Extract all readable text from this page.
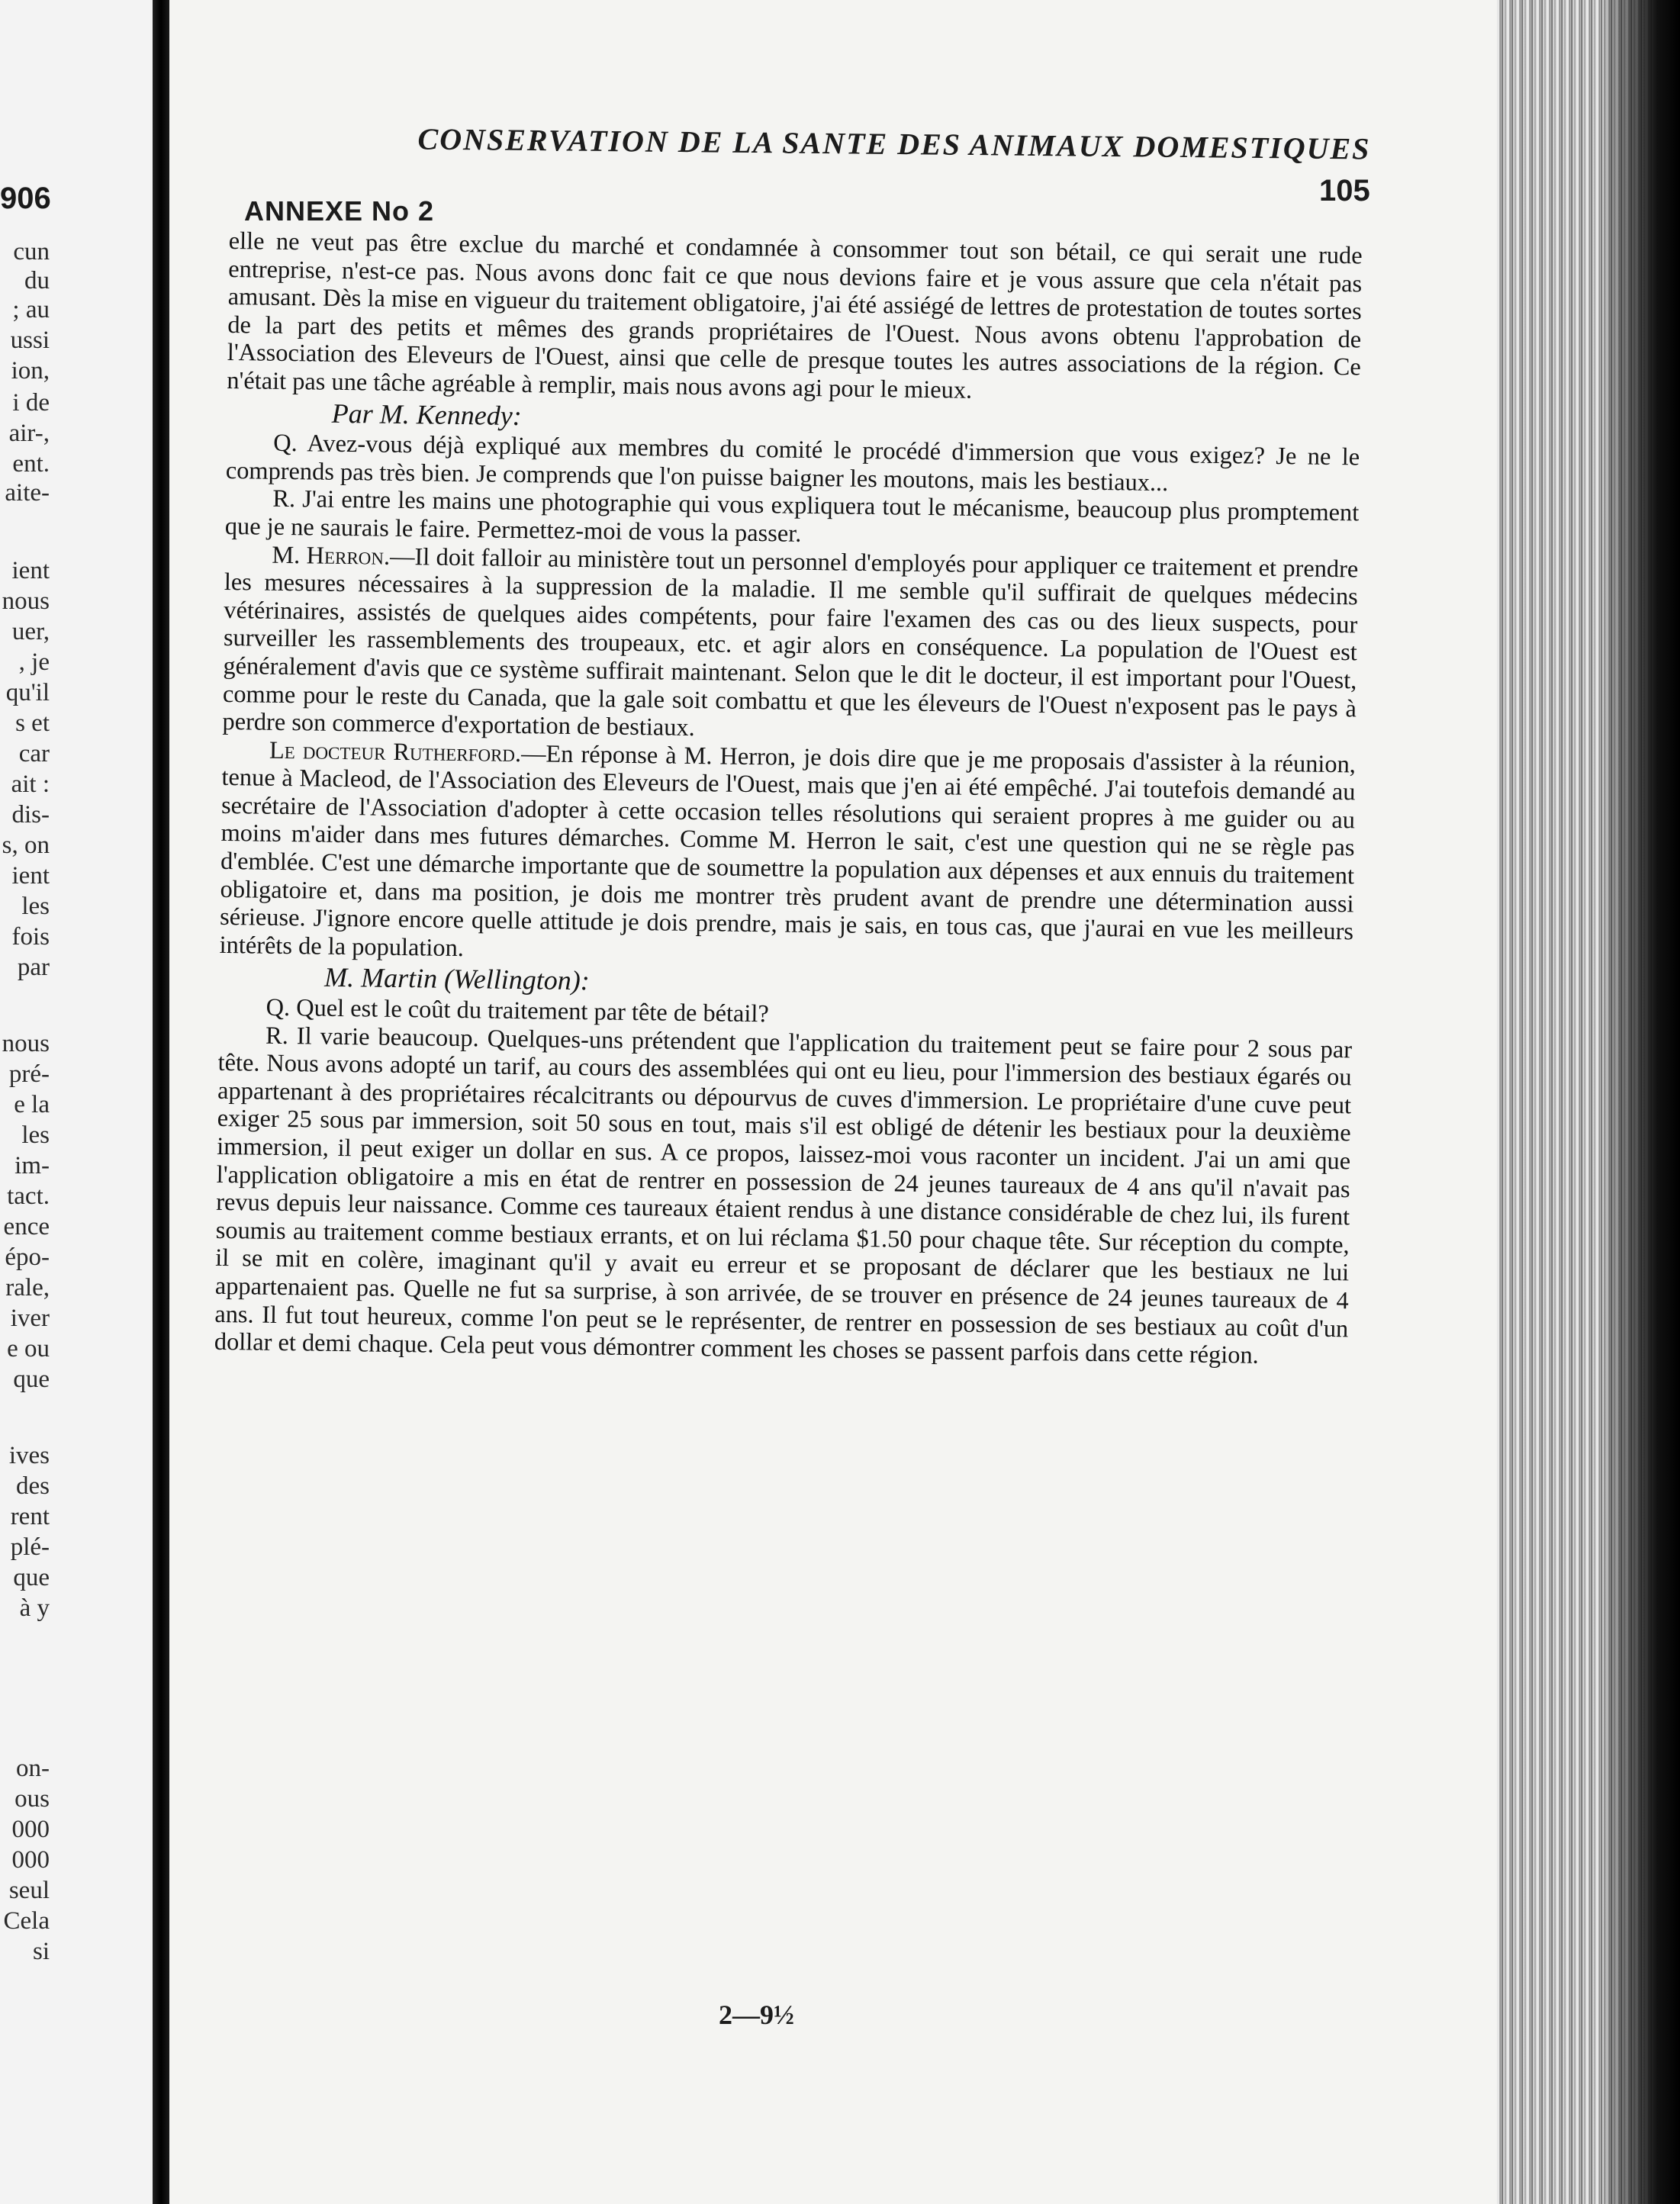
906
cun
du
; au
ussi
ion,
i de
air-,
ent.
aite-
ient
nous
uer,
, je
qu'il
s et
car
ait :
dis-
s, on
ient
les
fois
par
nous
pré-
e la
les
im-
tact.
ence
épo-
rale,
iver
e ou
que
ives
des
rent
plé-
que
à y
on-
ous
000
000
seul
Cela
si
CONSERVATION DE LA SANTE DES ANIMAUX DOMESTIQUES
105
ANNEXE No 2

elle ne veut pas être exclue du marché et condamnée à consommer tout son bétail, ce qui serait une rude entreprise, n'est-ce pas. Nous avons donc fait ce que nous devions faire et je vous assure que cela n'était pas amusant. Dès la mise en vigueur du traitement obligatoire, j'ai été assiégé de lettres de protestation de toutes sortes de la part des petits et mêmes des grands propriétaires de l'Ouest. Nous avons obtenu l'approbation de l'Association des Eleveurs de l'Ouest, ainsi que celle de presque toutes les autres associations de la région. Ce n'était pas une tâche agréable à remplir, mais nous avons agi pour le mieux.

Par M. Kennedy:

Q. Avez-vous déjà expliqué aux membres du comité le procédé d'immersion que vous exigez? Je ne le comprends pas très bien. Je comprends que l'on puisse baigner les moutons, mais les bestiaux...

R. J'ai entre les mains une photographie qui vous expliquera tout le mécanisme, beaucoup plus promptement que je ne saurais le faire. Permettez-moi de vous la passer.

M. Herron.—Il doit falloir au ministère tout un personnel d'employés pour appliquer ce traitement et prendre les mesures nécessaires à la suppression de la maladie. Il me semble qu'il suffirait de quelques médecins vétérinaires, assistés de quelques aides compétents, pour faire l'examen des cas ou des lieux suspects, pour surveiller les rassemblements des troupeaux, etc. et agir alors en conséquence. La population de l'Ouest est généralement d'avis que ce système suffirait maintenant. Selon que le dit le docteur, il est important pour l'Ouest, comme pour le reste du Canada, que la gale soit combattu et que les éleveurs de l'Ouest n'exposent pas le pays à perdre son commerce d'exportation de bestiaux.

Le docteur Rutherford.—En réponse à M. Herron, je dois dire que je me proposais d'assister à la réunion, tenue à Macleod, de l'Association des Eleveurs de l'Ouest, mais que j'en ai été empêché. J'ai toutefois demandé au secrétaire de l'Association d'adopter à cette occasion telles résolutions qui seraient propres à me guider ou au moins m'aider dans mes futures démarches. Comme M. Herron le sait, c'est une question qui ne se règle pas d'emblée. C'est une démarche importante que de soumettre la population aux dépenses et aux ennuis du traitement obligatoire et, dans ma position, je dois me montrer très prudent avant de prendre une détermination aussi sérieuse. J'ignore encore quelle attitude je dois prendre, mais je sais, en tous cas, que j'aurai en vue les meilleurs intérêts de la population.

M. Martin (Wellington):

Q. Quel est le coût du traitement par tête de bétail?

R. Il varie beaucoup. Quelques-uns prétendent que l'application du traitement peut se faire pour 2 sous par tête. Nous avons adopté un tarif, au cours des assemblées qui ont eu lieu, pour l'immersion des bestiaux égarés ou appartenant à des propriétaires récalcitrants ou dépourvus de cuves d'immersion. Le propriétaire d'une cuve peut exiger 25 sous par immersion, soit 50 sous en tout, mais s'il est obligé de détenir les bestiaux pour la deuxième immersion, il peut exiger un dollar en sus. A ce propos, laissez-moi vous raconter un incident. J'ai un ami que l'application obligatoire a mis en état de rentrer en possession de 24 jeunes taureaux de 4 ans qu'il n'avait pas revus depuis leur naissance. Comme ces taureaux étaient rendus à une distance considérable de chez lui, ils furent soumis au traitement comme bestiaux errants, et on lui réclama $1.50 pour chaque tête. Sur réception du compte, il se mit en colère, imaginant qu'il y avait eu erreur et se proposant de déclarer que les bestiaux ne lui appartenaient pas. Quelle ne fut sa surprise, à son arrivée, de se trouver en présence de 24 jeunes taureaux de 4 ans. Il fut tout heureux, comme l'on peut se le représenter, de rentrer en possession de ses bestiaux au coût d'un dollar et demi chaque. Cela peut vous démontrer comment les choses se passent parfois dans cette région.

2—9½
